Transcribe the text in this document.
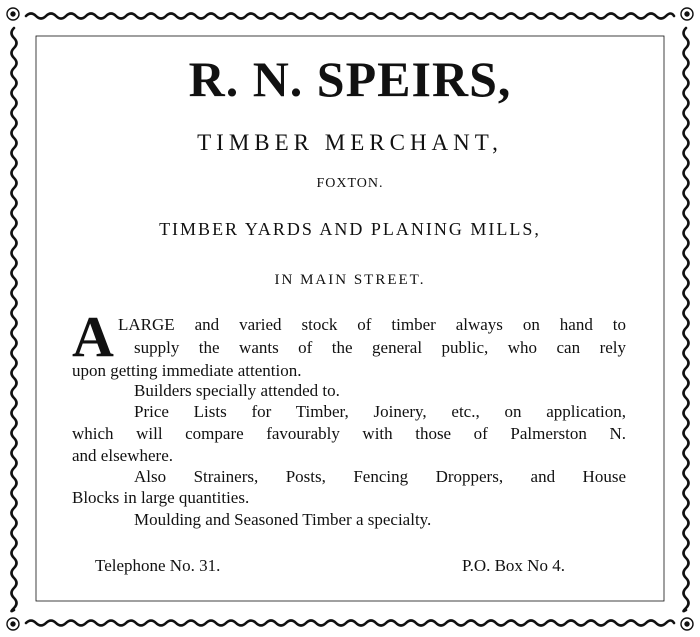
R. N. SPEIRS,
TIMBER MERCHANT,
FOXTON.
TIMBER YARDS AND PLANING MILLS,
IN MAIN STREET.
A LARGE and varied stock of timber always on hand to
supply the wants of the general public, who can rely
upon getting immediate attention.
Builders specially attended to.
Price Lists for Timber, Joinery, etc., on application,
which will compare favourably with those of Palmerston N.
and elsewhere.
Also Strainers, Posts, Fencing Droppers, and House
Blocks in large quantities.
Moulding and Seasoned Timber a specialty.
Telephone No. 31.	P.O. Box No 4.
